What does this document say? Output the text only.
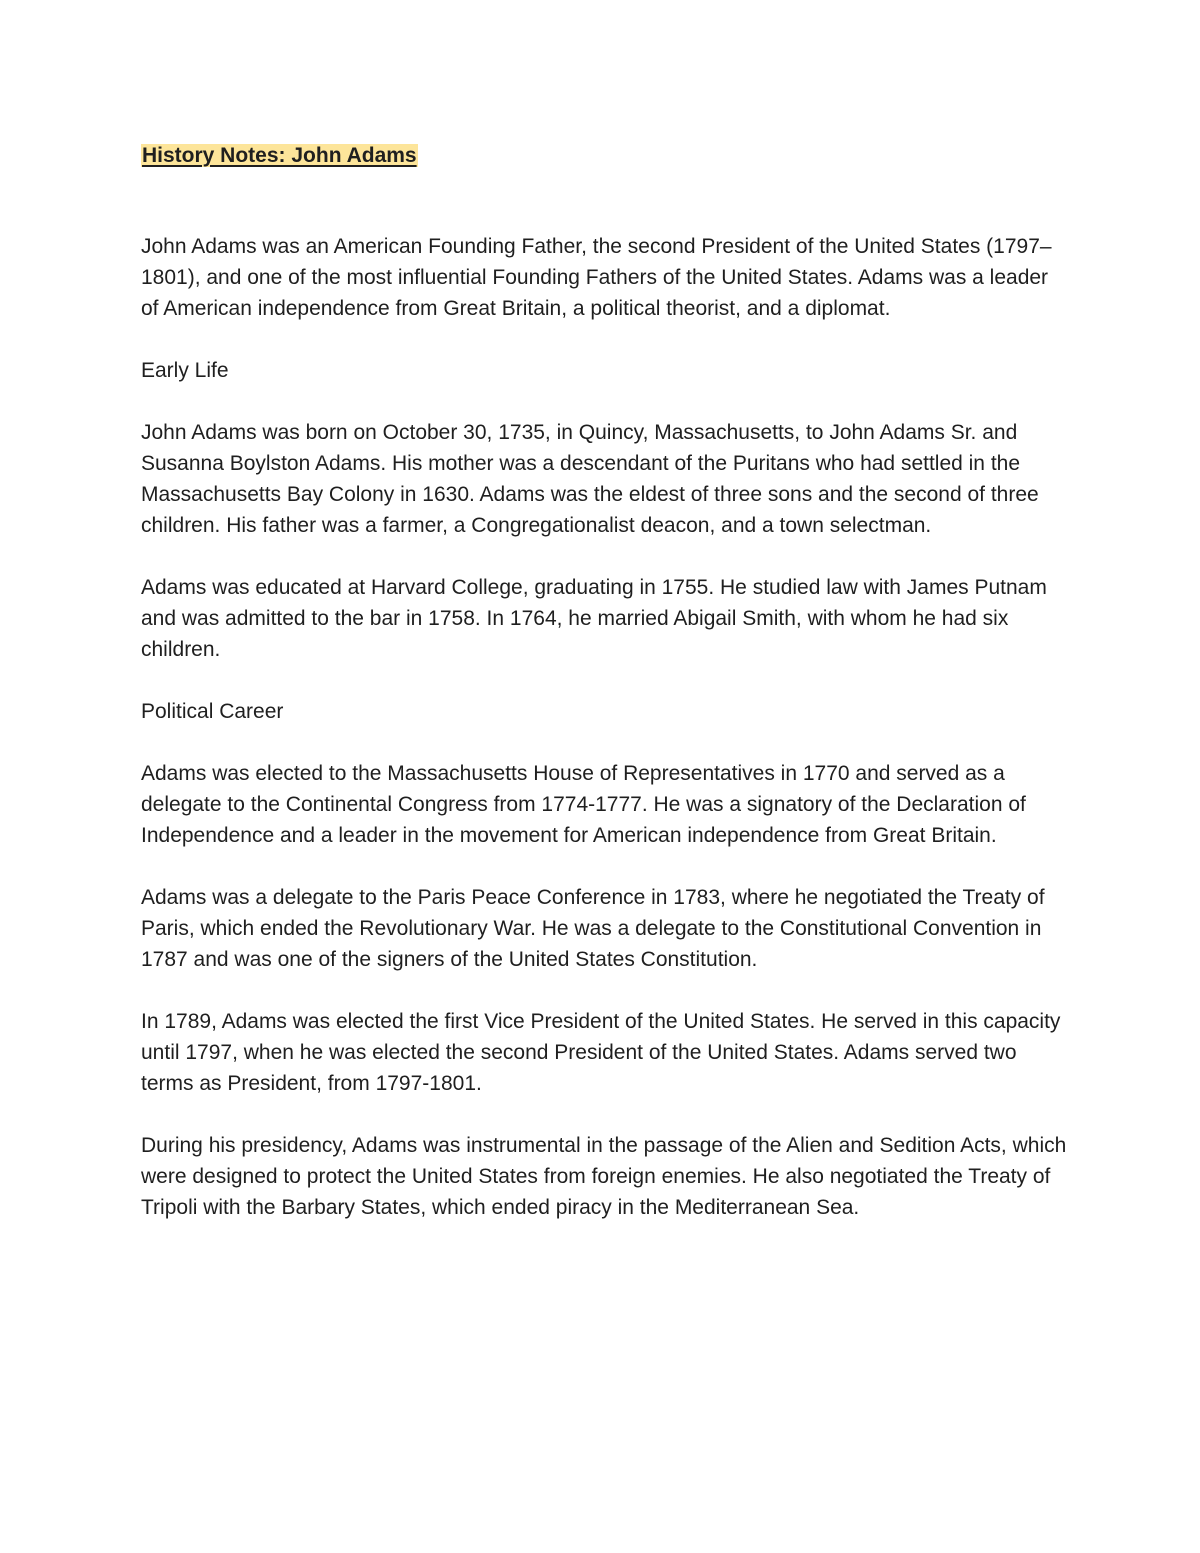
History Notes: John Adams

John Adams was an American Founding Father, the second President of the United States (1797–1801), and one of the most influential Founding Fathers of the United States. Adams was a leader of American independence from Great Britain, a political theorist, and a diplomat.

Early Life

John Adams was born on October 30, 1735, in Quincy, Massachusetts, to John Adams Sr. and Susanna Boylston Adams. His mother was a descendant of the Puritans who had settled in the Massachusetts Bay Colony in 1630. Adams was the eldest of three sons and the second of three children. His father was a farmer, a Congregationalist deacon, and a town selectman.

Adams was educated at Harvard College, graduating in 1755. He studied law with James Putnam and was admitted to the bar in 1758. In 1764, he married Abigail Smith, with whom he had six children.

Political Career

Adams was elected to the Massachusetts House of Representatives in 1770 and served as a delegate to the Continental Congress from 1774-1777. He was a signatory of the Declaration of Independence and a leader in the movement for American independence from Great Britain.

Adams was a delegate to the Paris Peace Conference in 1783, where he negotiated the Treaty of Paris, which ended the Revolutionary War. He was a delegate to the Constitutional Convention in 1787 and was one of the signers of the United States Constitution.

In 1789, Adams was elected the first Vice President of the United States. He served in this capacity until 1797, when he was elected the second President of the United States. Adams served two terms as President, from 1797-1801.

During his presidency, Adams was instrumental in the passage of the Alien and Sedition Acts, which were designed to protect the United States from foreign enemies. He also negotiated the Treaty of Tripoli with the Barbary States, which ended piracy in the Mediterranean Sea.
